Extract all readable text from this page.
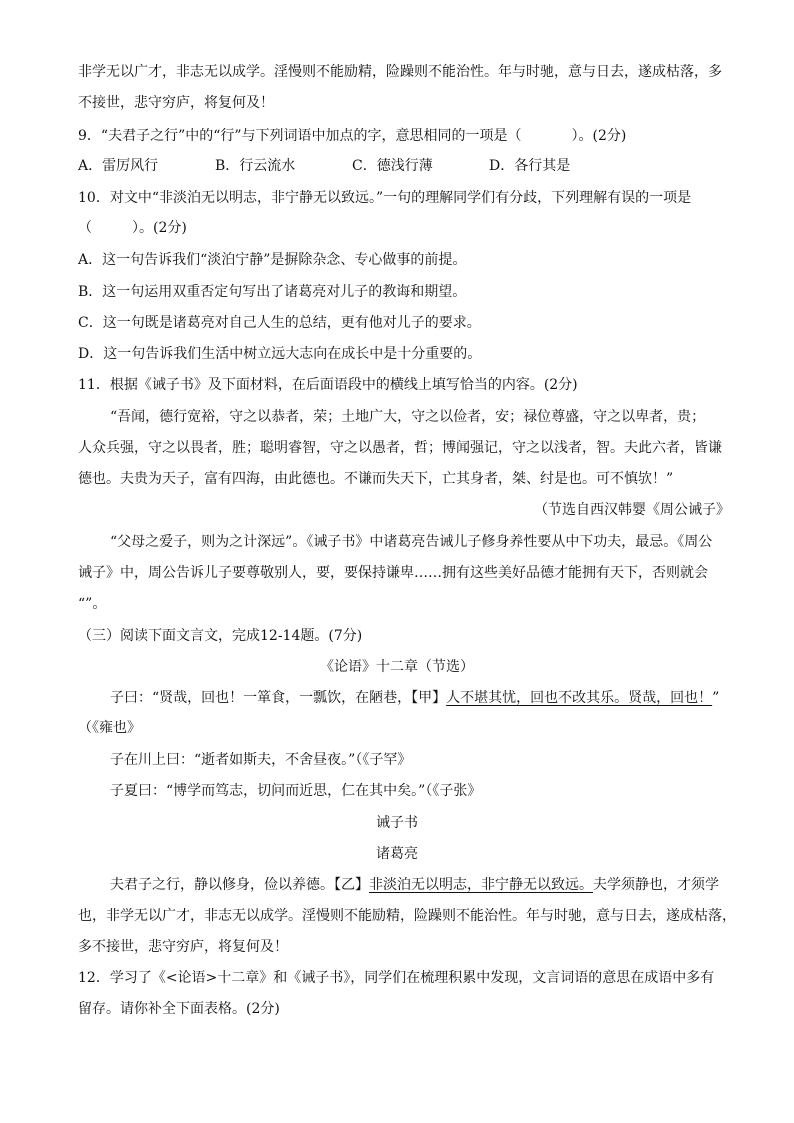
非学无以广才，非志无以成学。淫慢则不能励精，险躁则不能治性。年与时驰，意与日去，遂成枯落，多
不接世，悲守穷庐，将复何及！
9．“夫君子之行”中的“行”与下列词语中加点的字，意思相同的一项是（	）。(2分)
A．雷厉风行	B．行云流水	C．德浅行薄	D．各行其是
10．对文中“非淡泊无以明志，非宁静无以致远。”一句的理解同学们有分歧，下列理解有误的一项是
（	）。(2分)
A．这一句告诉我们“淡泊宁静”是摒除杂念、专心做事的前提。
B．这一句运用双重否定句写出了诸葛亮对儿子的教诲和期望。
C．这一句既是诸葛亮对自己人生的总结，更有他对儿子的要求。
D．这一句告诉我们生活中树立远大志向在成长中是十分重要的。
11．根据《诫子书》及下面材料，在后面语段中的横线上填写恰当的内容。(2分)
“吾闻，德行宽裕，守之以恭者，荣；土地广大，守之以俭者，安；禄位尊盛，守之以卑者，贵；
人众兵强，守之以畏者，胜；聪明睿智，守之以愚者，哲；博闻强记，守之以浅者，智。夫此六者，皆谦
德也。夫贵为天子，富有四海，由此德也。不谦而失天下，亡其身者，桀、纣是也。可不慎欤！”
（节选自西汉韩婴《周公诫子》
“父母之爱子，则为之计深远”。《诫子书》中诸葛亮告诫儿子修身养性要从中下功夫，最忌。《周公
诫子》中，周公告诉儿子要尊敬别人，要，要保持谦卑……拥有这些美好品德才能拥有天下，否则就会
“”。
（三）阅读下面文言文，完成12-14题。(7分)
《论语》十二章（节选）
子曰：“贤哉，回也！一箪食，一瓢饮，在陋巷，【甲】人不堪其忧，回也不改其乐。贤哉，回也！”
（《雍也》
子在川上曰：“逝者如斯夫，不舍昼夜。”（《子罕》
子夏曰：“博学而笃志，切问而近思，仁在其中矣。”（《子张》
诫子书
诸葛亮
夫君子之行，静以修身，俭以养德。【乙】非淡泊无以明志，非宁静无以致远。夫学须静也，才须学
也，非学无以广才，非志无以成学。淫慢则不能励精，险躁则不能治性。年与时驰，意与日去，遂成枯落，
多不接世，悲守穷庐，将复何及！
12．学习了《<论语>十二章》和《诫子书》，同学们在梳理积累中发现，文言词语的意思在成语中多有
留存。请你补全下面表格。(2分)
